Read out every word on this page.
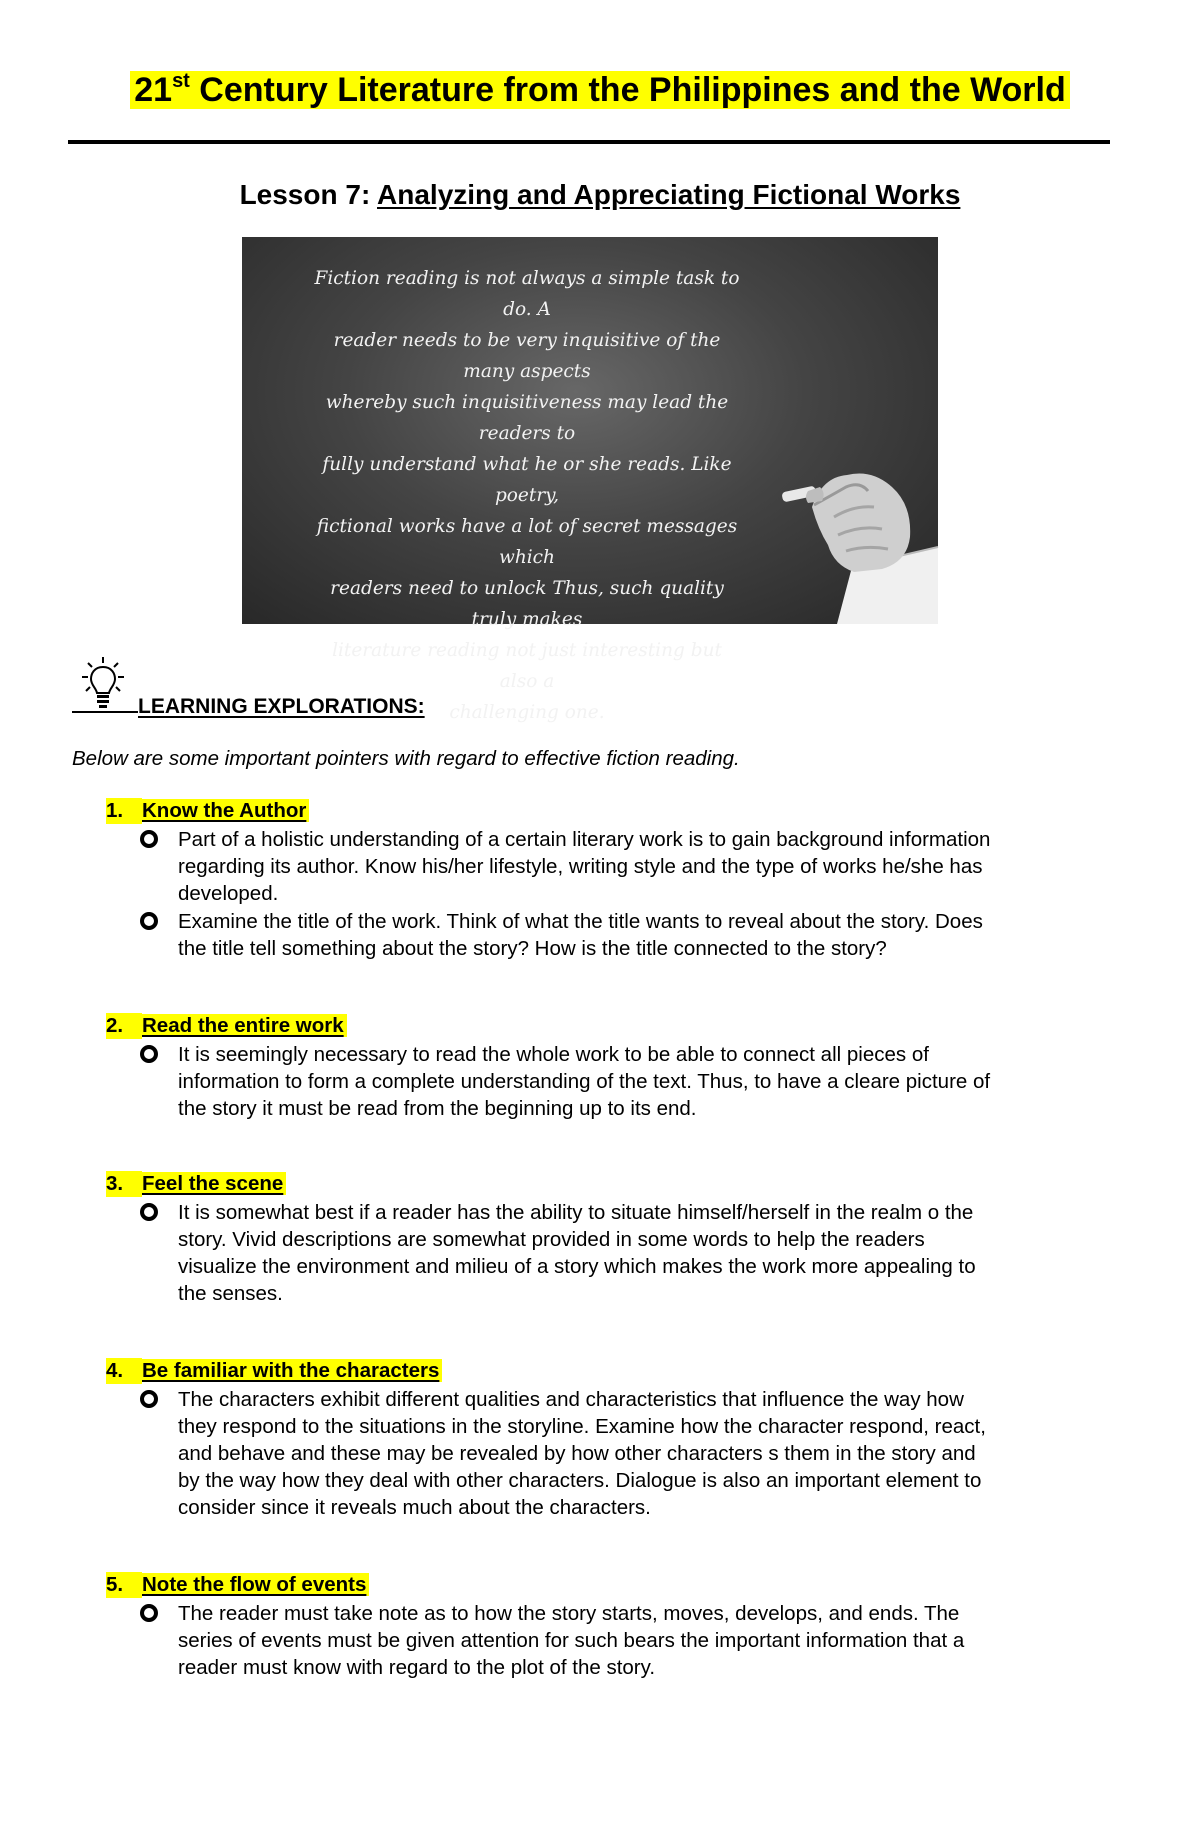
21st Century Literature from the Philippines and the World
Lesson 7: Analyzing and Appreciating Fictional Works
Fiction reading is not always a simple task to do. A
reader needs to be very inquisitive of the many aspects
whereby such inquisitiveness may lead the readers to
fully understand what he or she reads. Like poetry,
fictional works have a lot of secret messages which
readers need to unlock Thus, such quality truly makes
literature reading not just interesting but also a
challenging one.
LEARNING EXPLORATIONS:
Below are some important pointers with regard to effective fiction reading.
1. Know the Author
Part of a holistic understanding of a certain literary work is to gain background information
regarding its author. Know his/her lifestyle, writing style and the type of works he/she has
developed.
Examine the title of the work. Think of what the title wants to reveal about the story. Does
the title tell something about the story? How is the title connected to the story?
2. Read the entire work
It is seemingly necessary to read the whole work to be able to connect all pieces of
information to form a complete understanding of the text. Thus, to have a cleare picture of
the story it must be read from the beginning up to its end.
3. Feel the scene
It is somewhat best if a reader has the ability to situate himself/herself in the realm o the
story. Vivid descriptions are somewhat provided in some words to help the readers
visualize the environment and milieu of a story which makes the work more appealing to
the senses.
4. Be familiar with the characters
The characters exhibit different qualities and characteristics that influence the way how
they respond to the situations in the storyline. Examine how the character respond, react,
and behave and these may be revealed by how other characters s them in the story and
by the way how they deal with other characters. Dialogue is also an important element to
consider since it reveals much about the characters.
5. Note the flow of events
The reader must take note as to how the story starts, moves, develops, and ends. The
series of events must be given attention for such bears the important information that a
reader must know with regard to the plot of the story.
